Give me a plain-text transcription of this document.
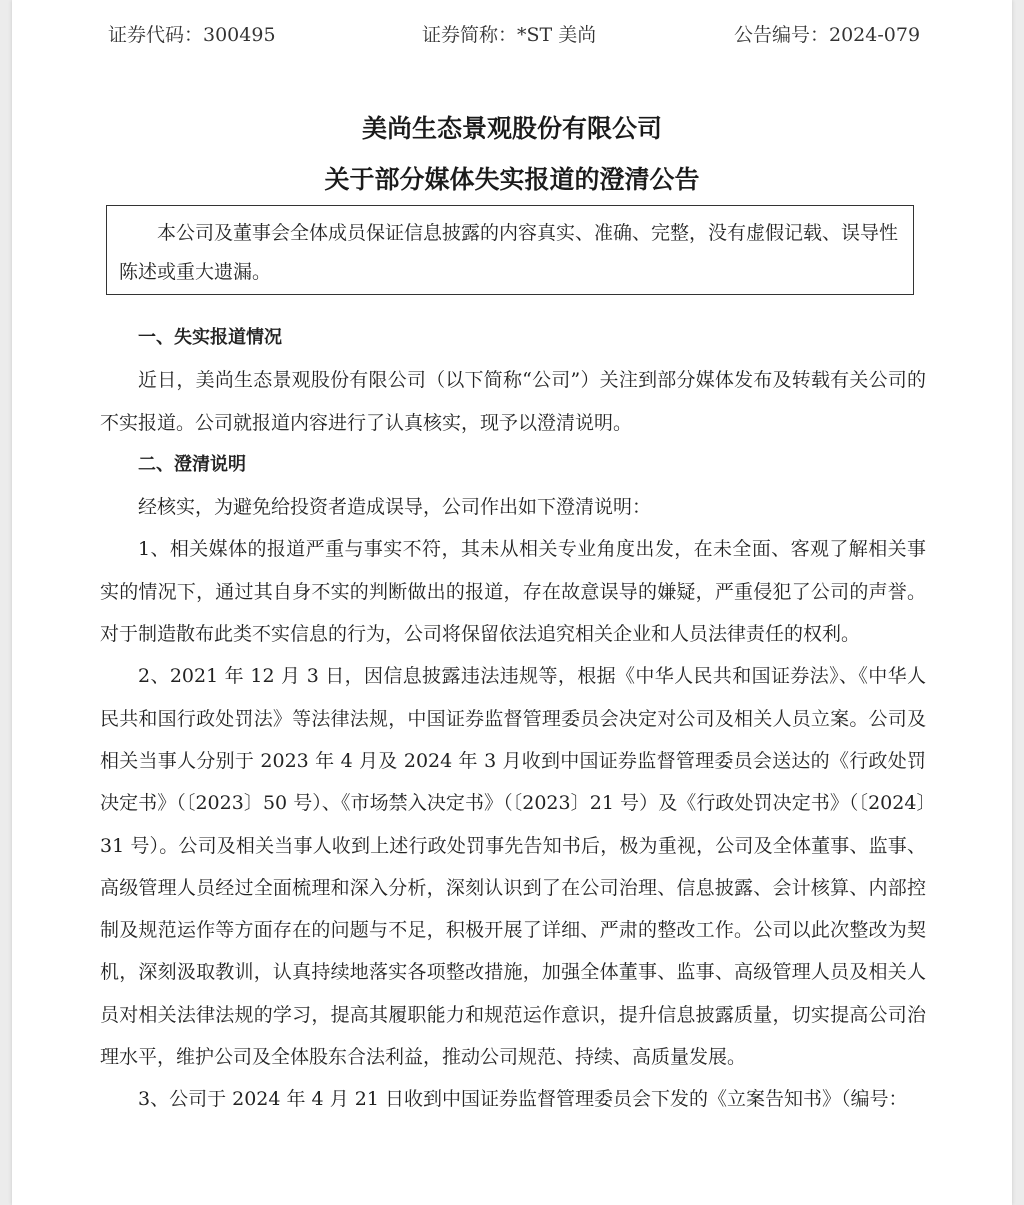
证券代码：300495	证券简称：*ST 美尚	公告编号：2024-079
美尚生态景观股份有限公司
关于部分媒体失实报道的澄清公告

本公司及董事会全体成员保证信息披露的内容真实、准确、完整，没有虚假记载、误导性陈述或重大遗漏。

一、失实报道情况

近日，美尚生态景观股份有限公司（以下简称“公司”）关注到部分媒体发布及转载有关公司的不实报道。公司就报道内容进行了认真核实，现予以澄清说明。

二、澄清说明

经核实，为避免给投资者造成误导，公司作出如下澄清说明：

1、相关媒体的报道严重与事实不符，其未从相关专业角度出发，在未全面、客观了解相关事实的情况下，通过其自身不实的判断做出的报道，存在故意误导的嫌疑，严重侵犯了公司的声誉。对于制造散布此类不实信息的行为，公司将保留依法追究相关企业和人员法律责任的权利。

2、2021 年 12 月 3 日，因信息披露违法违规等，根据《中华人民共和国证券法》、《中华人民共和国行政处罚法》等法律法规，中国证券监督管理委员会决定对公司及相关人员立案。公司及相关当事人分别于 2023 年 4 月及 2024 年 3 月收到中国证券监督管理委员会送达的《行政处罚决定书》（〔2023〕50 号）、《市场禁入决定书》（〔2023〕21 号）及《行政处罚决定书》（〔2024〕31 号）。公司及相关当事人收到上述行政处罚事先告知书后，极为重视，公司及全体董事、监事、高级管理人员经过全面梳理和深入分析，深刻认识到了在公司治理、信息披露、会计核算、内部控制及规范运作等方面存在的问题与不足，积极开展了详细、严肃的整改工作。公司以此次整改为契机，深刻汲取教训，认真持续地落实各项整改措施，加强全体董事、监事、高级管理人员及相关人员对相关法律法规的学习，提高其履职能力和规范运作意识，提升信息披露质量，切实提高公司治理水平，维护公司及全体股东合法利益，推动公司规范、持续、高质量发展。

3、公司于 2024 年 4 月 21 日收到中国证券监督管理委员会下发的《立案告知书》（编号：
